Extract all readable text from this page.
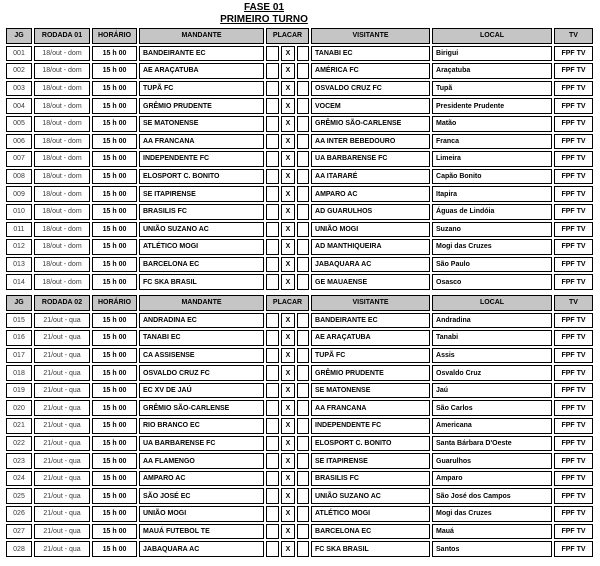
FASE 01
PRIMEIRO TURNO
JG	RODADA 01	HORÁRIO	MANDANTE	PLACAR			VISITANTE	LOCAL	TV
001	18/out - dom	15 h 00	BANDEIRANTE EC		X		TANABI EC	Birigui	FPF TV
002	18/out - dom	15 h 00	AE ARAÇATUBA		X		AMÉRICA FC	Araçatuba	FPF TV
003	18/out - dom	15 h 00	TUPÃ FC		X		OSVALDO CRUZ FC	Tupã	FPF TV
004	18/out - dom	15 h 00	GRÊMIO PRUDENTE		X		VOCEM	Presidente Prudente	FPF TV
005	18/out - dom	15 h 00	SE MATONENSE		X		GRÊMIO SÃO-CARLENSE	Matão	FPF TV
006	18/out - dom	15 h 00	AA FRANCANA		X		AA INTER BEBEDOURO	Franca	FPF TV
007	18/out - dom	15 h 00	INDEPENDENTE FC		X		UA BARBARENSE FC	Limeira	FPF TV
008	18/out - dom	15 h 00	ELOSPORT C. BONITO		X		AA ITARARÉ	Capão Bonito	FPF TV
009	18/out - dom	15 h 00	SE ITAPIRENSE		X		AMPARO AC	Itapira	FPF TV
010	18/out - dom	15 h 00	BRASILIS FC		X		AD GUARULHOS	Águas de Lindóia	FPF TV
011	18/out - dom	15 h 00	UNIÃO SUZANO AC		X		UNIÃO MOGI	Suzano	FPF TV
012	18/out - dom	15 h 00	ATLÉTICO MOGI		X		AD MANTHIQUEIRA	Mogi das Cruzes	FPF TV
013	18/out - dom	15 h 00	BARCELONA EC		X		JABAQUARA AC	São Paulo	FPF TV
014	18/out - dom	15 h 00	FC SKA BRASIL		X		GE MAUAENSE	Osasco	FPF TV
JG	RODADA 02	HORÁRIO	MANDANTE	PLACAR			VISITANTE	LOCAL	TV
015	21/out - qua	15 h 00	ANDRADINA EC		X		BANDEIRANTE EC	Andradina	FPF TV
016	21/out - qua	15 h 00	TANABI EC		X		AE ARAÇATUBA	Tanabi	FPF TV
017	21/out - qua	15 h 00	CA ASSISENSE		X		TUPÃ FC	Assis	FPF TV
018	21/out - qua	15 h 00	OSVALDO CRUZ FC		X		GRÊMIO PRUDENTE	Osvaldo Cruz	FPF TV
019	21/out - qua	15 h 00	EC XV DE JAÚ		X		SE MATONENSE	Jaú	FPF TV
020	21/out - qua	15 h 00	GRÊMIO SÃO-CARLENSE		X		AA FRANCANA	São Carlos	FPF TV
021	21/out - qua	15 h 00	RIO BRANCO EC		X		INDEPENDENTE FC	Americana	FPF TV
022	21/out - qua	15 h 00	UA BARBARENSE FC		X		ELOSPORT C. BONITO	Santa Bárbara D'Oeste	FPF TV
023	21/out - qua	15 h 00	AA FLAMENGO		X		SE ITAPIRENSE	Guarulhos	FPF TV
024	21/out - qua	15 h 00	AMPARO AC		X		BRASILIS FC	Amparo	FPF TV
025	21/out - qua	15 h 00	SÃO JOSÉ EC		X		UNIÃO SUZANO AC	São José dos Campos	FPF TV
026	21/out - qua	15 h 00	UNIÃO MOGI		X		ATLÉTICO MOGI	Mogi das Cruzes	FPF TV
027	21/out - qua	15 h 00	MAUÁ FUTEBOL TE		X		BARCELONA EC	Mauá	FPF TV
028	21/out - qua	15 h 00	JABAQUARA AC		X		FC SKA BRASIL	Santos	FPF TV
